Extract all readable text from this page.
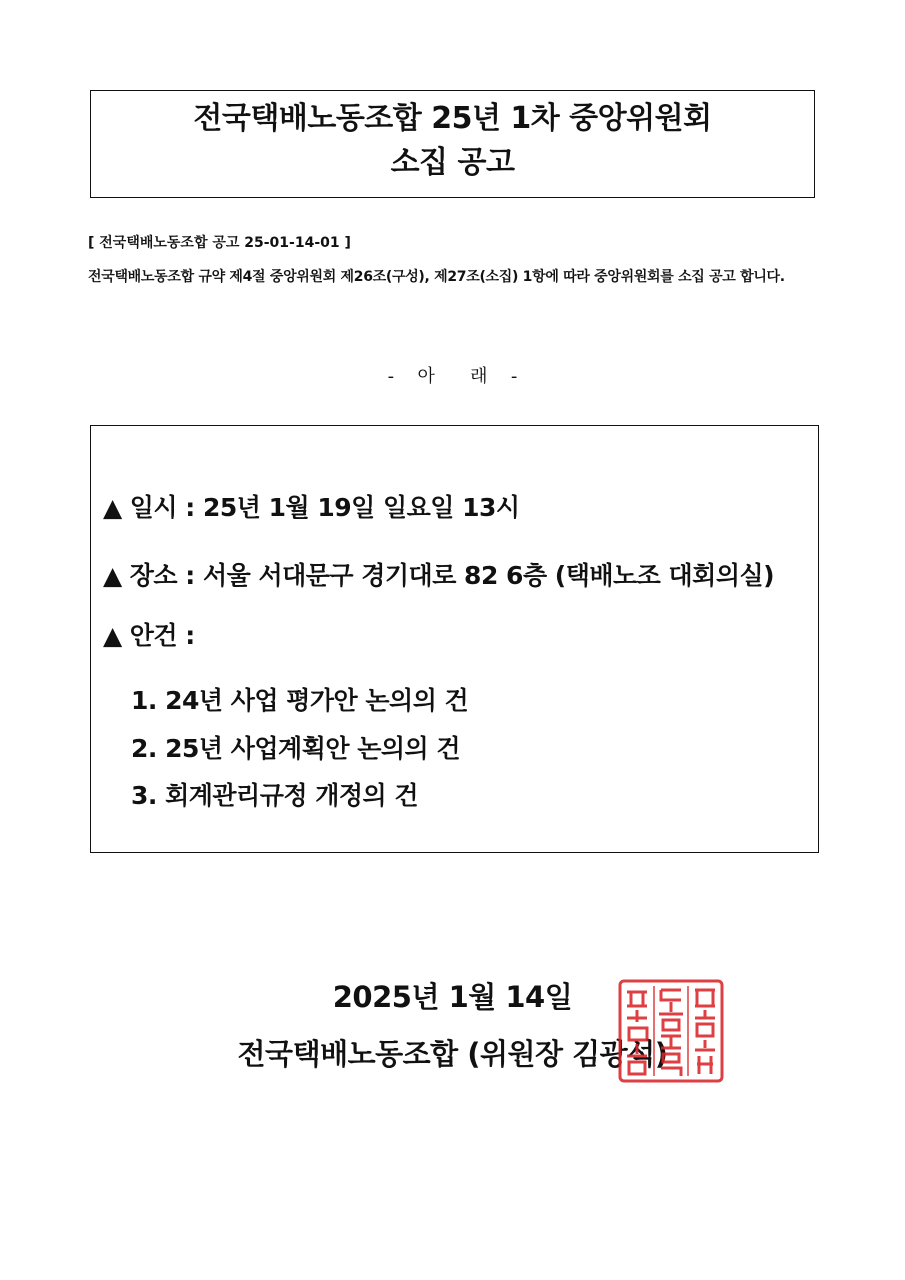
전국택배노동조합 25년 1차 중앙위원회
소집 공고
[ 전국택배노동조합 공고 25-01-14-01 ]
전국택배노동조합 규약 제4절 중앙위원회 제26조(구성), 제27조(소집) 1항에 따라 중앙위원회를 소집 공고 합니다.
-  아   래  -
▲ 일시 : 25년 1월 19일 일요일 13시
▲ 장소 : 서울 서대문구 경기대로 82 6층 (택배노조 대회의실)
▲ 안건 :
1. 24년 사업 평가안 논의의 건
2. 25년 사업계획안 논의의 건
3. 회계관리규정 개정의 건
2025년 1월 14일
전국택배노동조합 (위원장 김광석)
